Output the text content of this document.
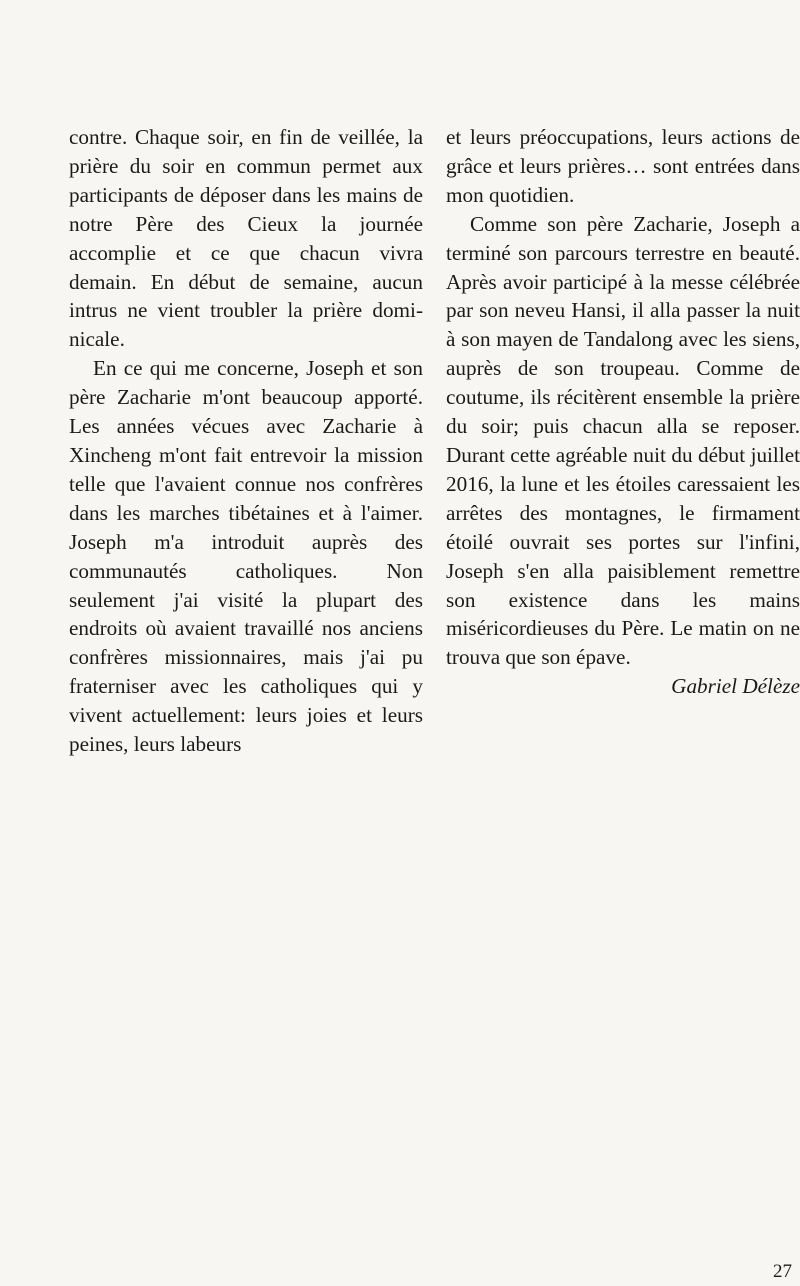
contre. Chaque soir, en fin de veillée, la prière du soir en commun permet aux participants de déposer dans les mains de notre Père des Cieux la journée accomplie et ce que chacun vivra demain. En début de semaine, aucun intrus ne vient troubler la prière dominicale.

En ce qui me concerne, Joseph et son père Zacharie m'ont beaucoup apporté. Les années vécues avec Zacharie à Xincheng m'ont fait entrevoir la mission telle que l'avaient connue nos confrères dans les marches tibétaines et à l'aimer. Joseph m'a introduit auprès des communautés catholiques. Non seulement j'ai visité la plupart des endroits où avaient travaillé nos anciens confrères missionnaires, mais j'ai pu fraterniser avec les catholiques qui y vivent actuellement: leurs joies et leurs peines, leurs labeurs

et leurs préoccupations, leurs actions de grâce et leurs prières… sont entrées dans mon quotidien.

Comme son père Zacharie, Joseph a terminé son parcours terrestre en beauté. Après avoir participé à la messe célébrée par son neveu Hansi, il alla passer la nuit à son mayen de Tandalong avec les siens, auprès de son troupeau. Comme de coutume, ils récitèrent ensemble la prière du soir; puis chacun alla se reposer. Durant cette agréable nuit du début juillet 2016, la lune et les étoiles caressaient les arrêtes des montagnes, le firmament étoilé ouvrait ses portes sur l'infini, Joseph s'en alla paisiblement remettre son existence dans les mains miséricordieuses du Père. Le matin on ne trouva que son épave.

Gabriel Délèze

27
